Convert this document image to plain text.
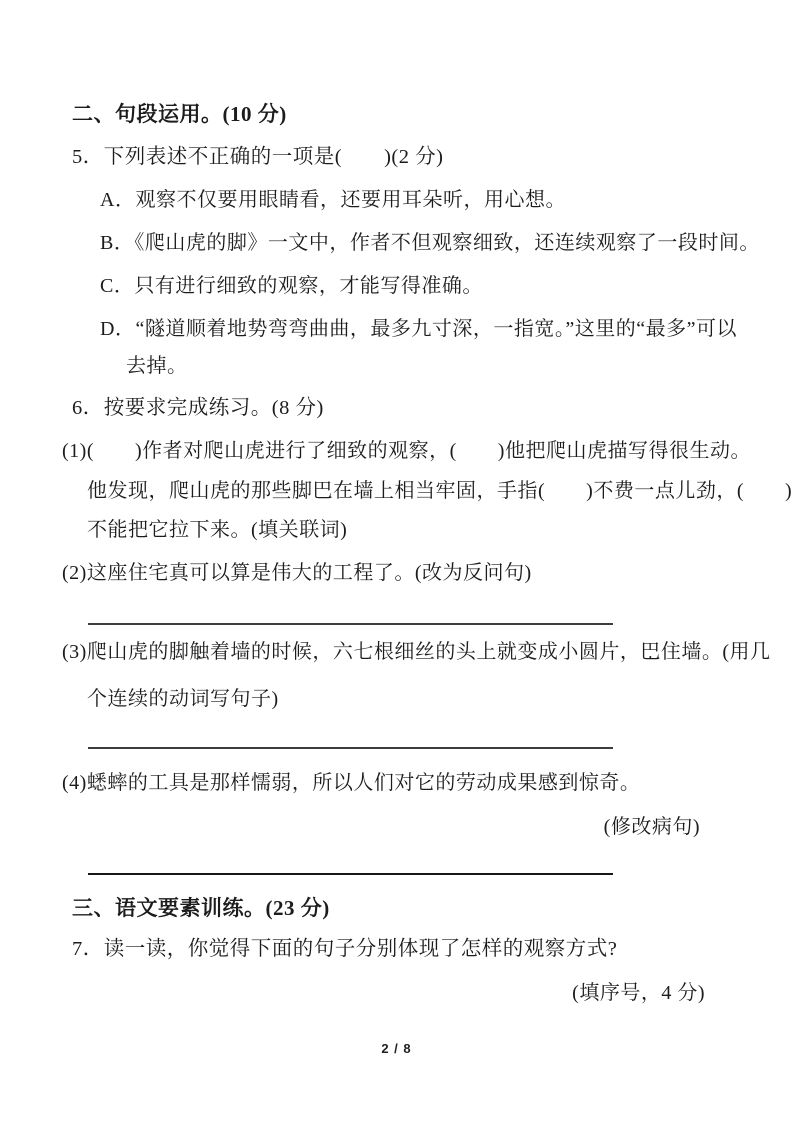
二、句段运用。(10 分)
5．下列表述不正确的一项是(　　)(2 分)
A．观察不仅要用眼睛看，还要用耳朵听，用心想。
B．《爬山虎的脚》一文中，作者不但观察细致，还连续观察了一段时间。
C．只有进行细致的观察，才能写得准确。
D．“隧道顺着地势弯弯曲曲，最多九寸深，一指宽。”这里的“最多”可以
去掉。
6．按要求完成练习。(8 分)
(1)(　　)作者对爬山虎进行了细致的观察，(　　)他把爬山虎描写得很生动。
他发现，爬山虎的那些脚巴在墙上相当牢固，手指(　　)不费一点儿劲，(　　)
不能把它拉下来。(填关联词)
(2)这座住宅真可以算是伟大的工程了。(改为反问句)
(3)爬山虎的脚触 •着墙的时候，六七根细丝的头上就变 •成小圆片，巴 •住墙。(用几
个连续的动词写句子)
(4)蟋蟀的工具是那样懦弱，所以人们对它的劳动成果感到惊奇。
(修改病句)
三、语文要素训练。(23 分)
7．读一读，你觉得下面的句子分别体现了怎样的观察方式?
(填序号，4 分)
2 / 8
